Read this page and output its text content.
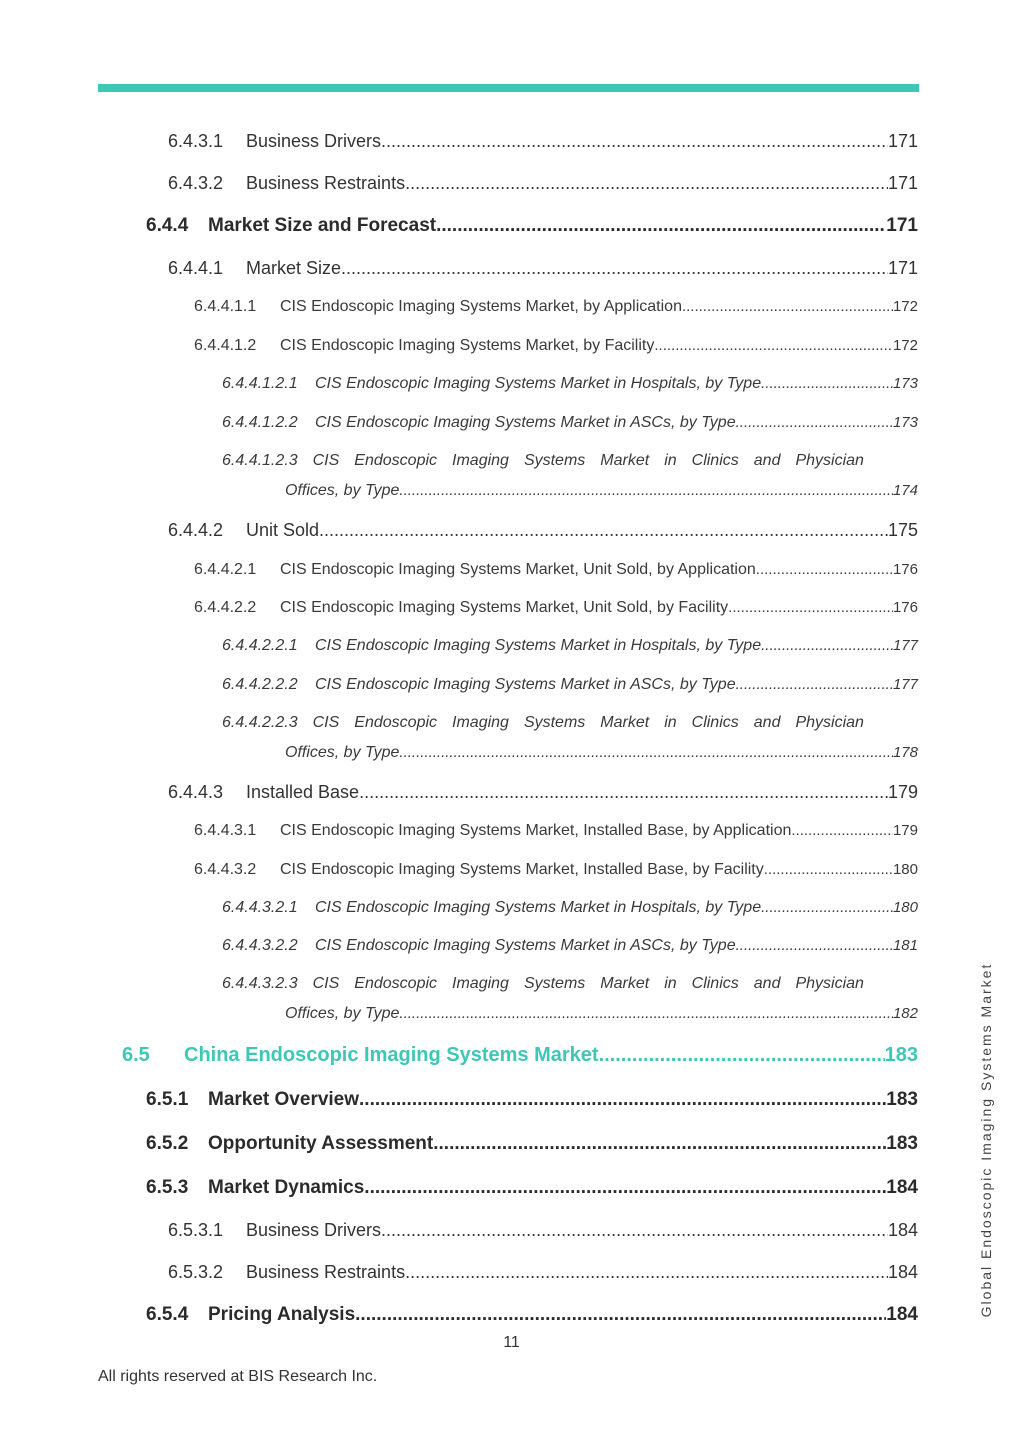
6.4.3.1	Business Drivers .....	171
6.4.3.2	Business Restraints .....	171
6.4.4	Market Size and Forecast .....	171
6.4.4.1	Market Size .....	171
6.4.4.1.1	CIS Endoscopic Imaging Systems Market, by Application .....	172
6.4.4.1.2	CIS Endoscopic Imaging Systems Market, by Facility .....	172
6.4.4.1.2.1	CIS Endoscopic Imaging Systems Market in Hospitals, by Type .....	173
6.4.4.1.2.2	CIS Endoscopic Imaging Systems Market in ASCs, by Type .....	173
6.4.4.1.2.3 CIS Endoscopic Imaging Systems Market in Clinics and Physician
Offices, by Type .....	174
6.4.4.2	Unit Sold .....	175
6.4.4.2.1	CIS Endoscopic Imaging Systems Market, Unit Sold, by Application .....	176
6.4.4.2.2	CIS Endoscopic Imaging Systems Market, Unit Sold, by Facility .....	176
6.4.4.2.2.1	CIS Endoscopic Imaging Systems Market in Hospitals, by Type .....	177
6.4.4.2.2.2	CIS Endoscopic Imaging Systems Market in ASCs, by Type .....	177
6.4.4.2.2.3 CIS Endoscopic Imaging Systems Market in Clinics and Physician
Offices, by Type .....	178
6.4.4.3	Installed Base .....	179
6.4.4.3.1	CIS Endoscopic Imaging Systems Market, Installed Base, by Application .....	179
6.4.4.3.2	CIS Endoscopic Imaging Systems Market, Installed Base, by Facility .....	180
6.4.4.3.2.1	CIS Endoscopic Imaging Systems Market in Hospitals, by Type .....	180
6.4.4.3.2.2	CIS Endoscopic Imaging Systems Market in ASCs, by Type .....	181
6.4.4.3.2.3 CIS Endoscopic Imaging Systems Market in Clinics and Physician
Offices, by Type .....	182
6.5	China Endoscopic Imaging Systems Market .....	183
6.5.1	Market Overview .....	183
6.5.2	Opportunity Assessment .....	183
6.5.3	Market Dynamics .....	184
6.5.3.1	Business Drivers .....	184
6.5.3.2	Business Restraints .....	184
6.5.4	Pricing Analysis .....	184
11
All rights reserved at BIS Research Inc.
Global Endoscopic Imaging Systems Market
